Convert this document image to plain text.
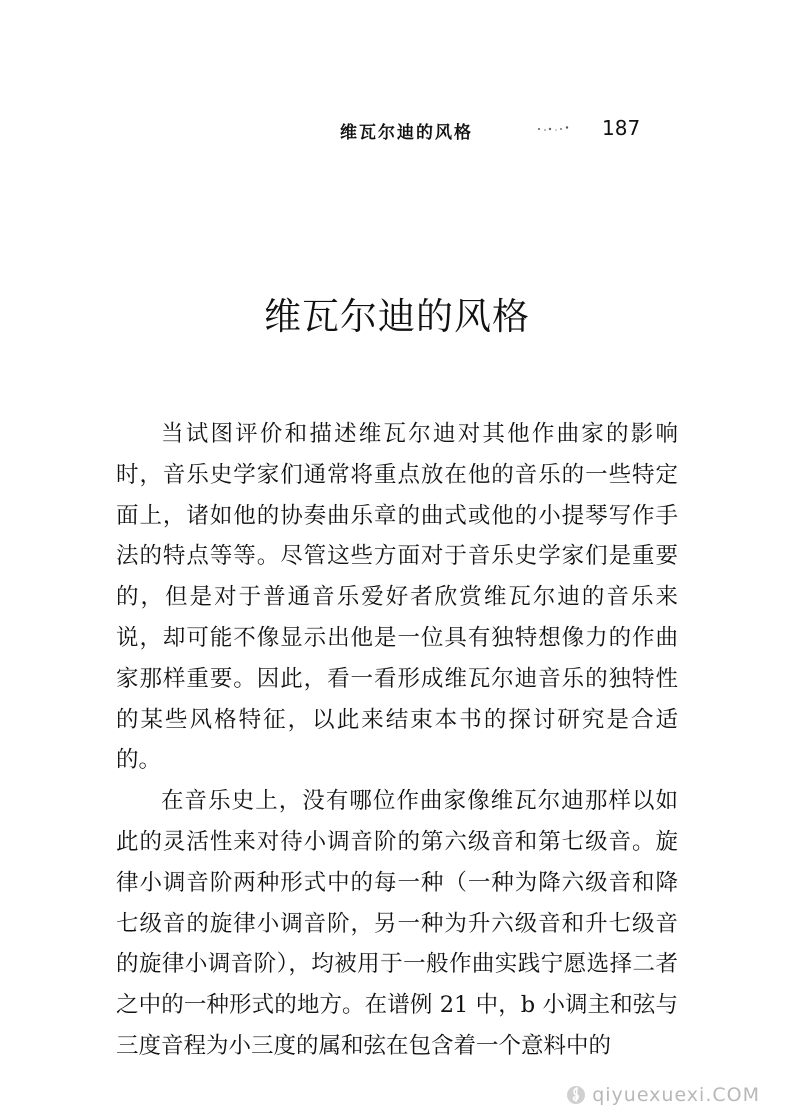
维瓦尔迪的风格	187
维瓦尔迪的风格

当试图评价和描述维瓦尔迪对其他作曲家的影响时，音乐史学家们通常将重点放在他的音乐的一些特定面上，诸如他的协奏曲乐章的曲式或他的小提琴写作手法的特点等等。尽管这些方面对于音乐史学家们是重要的，但是对于普通音乐爱好者欣赏维瓦尔迪的音乐来说，却可能不像显示出他是一位具有独特想像力的作曲家那样重要。因此，看一看形成维瓦尔迪音乐的独特性的某些风格特征，以此来结束本书的探讨研究是合适的。

在音乐史上，没有哪位作曲家像维瓦尔迪那样以如此的灵活性来对待小调音阶的第六级音和第七级音。旋律小调音阶两种形式中的每一种（一种为降六级音和降七级音的旋律小调音阶，另一种为升六级音和升七级音的旋律小调音阶），均被用于一般作曲实践宁愿选择二者之中的一种形式的地方。在谱例 21 中，b 小调主和弦与三度音程为小三度的属和弦在包含着一个意料中的

qiyuexuexi.COM
